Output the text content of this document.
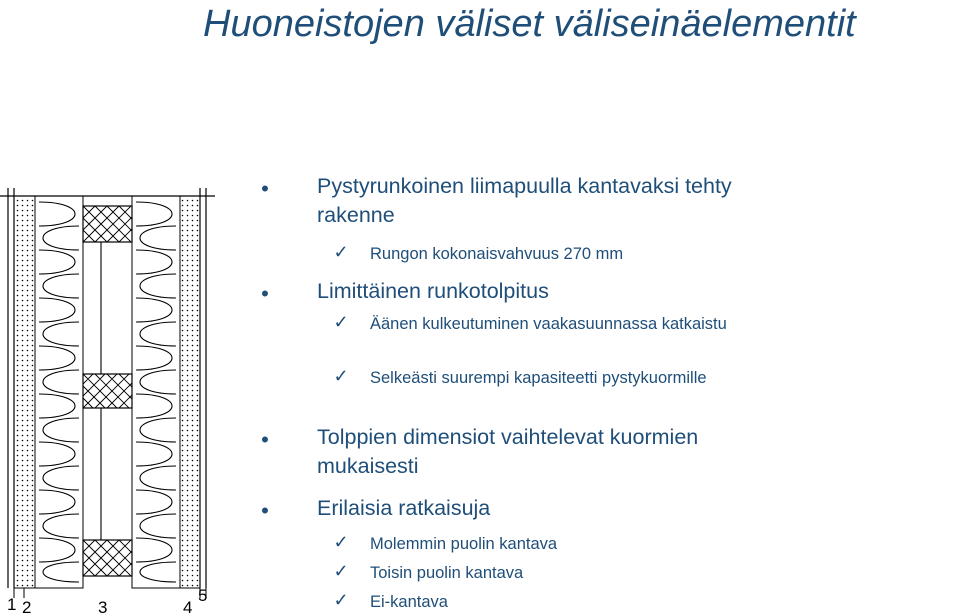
Huoneistojen väliset väliseinäelementit
1 2	3	4
5
• Pystyrunkoinen liimapuulla kantavaksi tehty rakenne
✓ Rungon kokonaisvahvuus 270 mm
• Limittäinen runkotolpitus
✓ Äänen kulkeutuminen vaakasuunnassa katkaistu
✓ Selkeästi suurempi kapasiteetti pystykuormille
• Tolppien dimensiot vaihtelevat kuormien mukaisesti
• Erilaisia ratkaisuja
✓ Molemmin puolin kantava
✓ Toisin puolin kantava
✓ Ei-kantava
